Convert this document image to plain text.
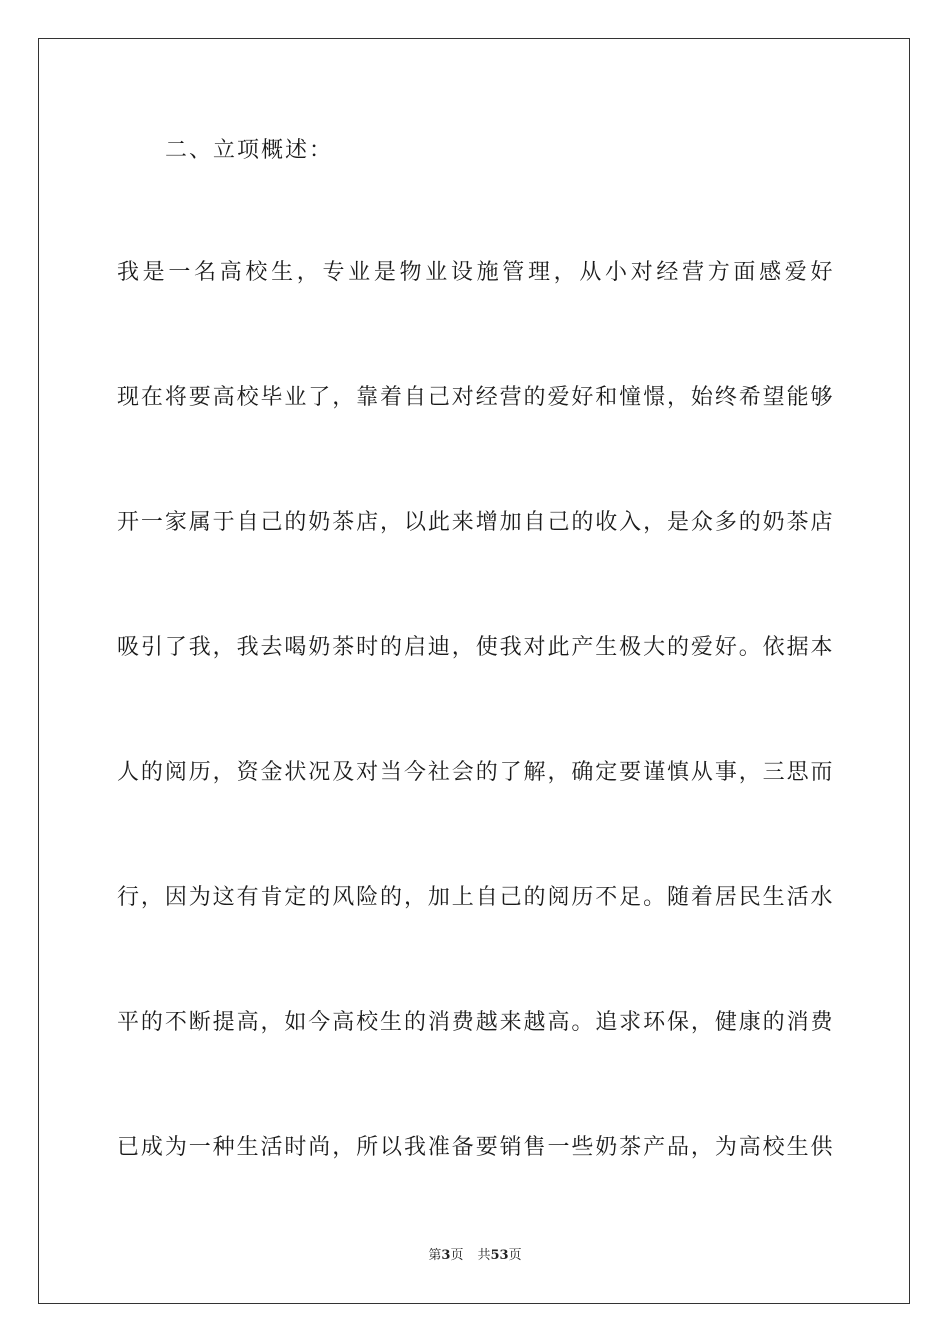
二、立项概述：
我是一名高校生，专业是物业设施管理，从小对经营方面感爱好
现在将要高校毕业了，靠着自己对经营的爱好和憧憬，始终希望能够
开一家属于自己的奶茶店，以此来增加自己的收入，是众多的奶茶店
吸引了我，我去喝奶茶时的启迪，使我对此产生极大的爱好。依据本
人的阅历，资金状况及对当今社会的了解，确定要谨慎从事，三思而
行，因为这有肯定的风险的，加上自己的阅历不足。随着居民生活水
平的不断提高，如今高校生的消费越来越高。追求环保，健康的消费
已成为一种生活时尚，所以我准备要销售一些奶茶产品，为高校生供
第3页 共53页
